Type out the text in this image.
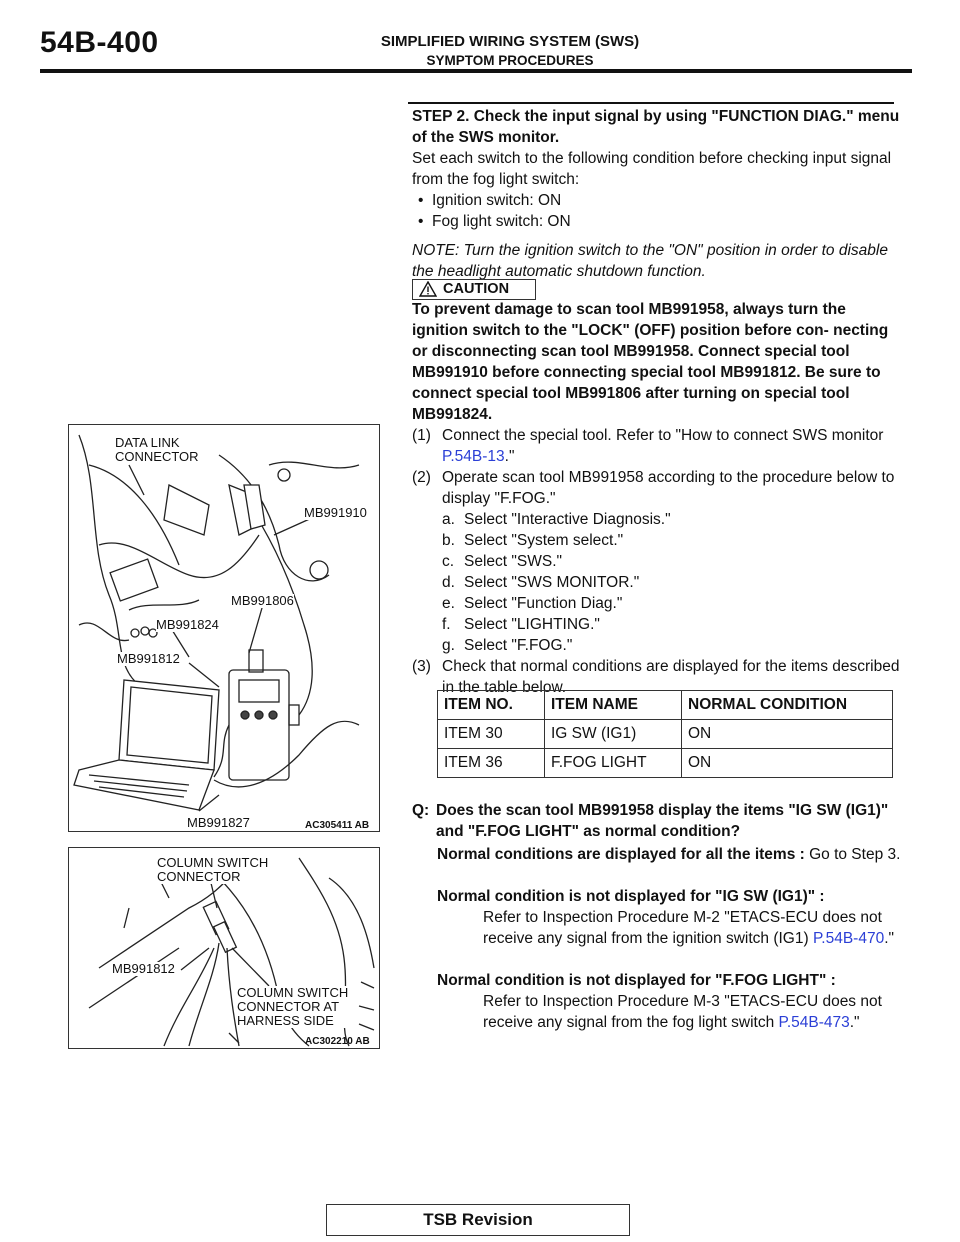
54B-400	SIMPLIFIED WIRING SYSTEM (SWS)
SYMPTOM PROCEDURES

STEP 2. Check the input signal by using "FUNCTION DIAG." menu of the SWS monitor.

Set each switch to the following condition before checking input signal from the fog light switch:

• Ignition switch: ON

• Fog light switch: ON

NOTE: Turn the ignition switch to the "ON" position in order to disable the headlight automatic shutdown function.

CAUTION
To prevent damage to scan tool MB991958, always turn the ignition switch to the "LOCK" (OFF) position before con- necting or disconnecting scan tool MB991958. Connect special tool MB991910 before connecting special tool MB991812. Be sure to connect special tool MB991806 after turning on special tool MB991824.

(1) Connect the special tool. Refer to "How to connect SWS monitor P.54B-13."

(2) Operate scan tool MB991958 according to the procedure below to display "F.FOG."

a. Select "Interactive Diagnosis."

b. Select "System select."

c. Select "SWS."

d. Select "SWS MONITOR."

e. Select "Function Diag."

f. Select "LIGHTING."

g. Select "F.FOG."

(3) Check that normal conditions are displayed for the items described in the table below.

ITEM NO.	ITEM NAME	NORMAL CONDITION
ITEM 30	IG SW (IG1)	ON
ITEM 36	F.FOG LIGHT	ON
Q: Does the scan tool MB991958 display the items "IG SW (IG1)" and "F.FOG LIGHT" as normal condition?
Normal conditions are displayed for all the items : Go to Step 3.
Normal condition is not displayed for "IG SW (IG1)" :
Refer to Inspection Procedure M-2 "ETACS-ECU does not receive any signal from the ignition switch (IG1) P.54B-470."
Normal condition is not displayed for "F.FOG LIGHT" :
Refer to Inspection Procedure M-3 "ETACS-ECU does not receive any signal from the fog light switch P.54B-473."
DATA LINK
CONNECTOR
MB991910
MB991806
MB991824
MB991812
MB991827	AC305411 AB
COLUMN SWITCH
CONNECTOR
MB991812
COLUMN SWITCH
CONNECTOR AT
HARNESS SIDE
AC302210 AB
TSB Revision
